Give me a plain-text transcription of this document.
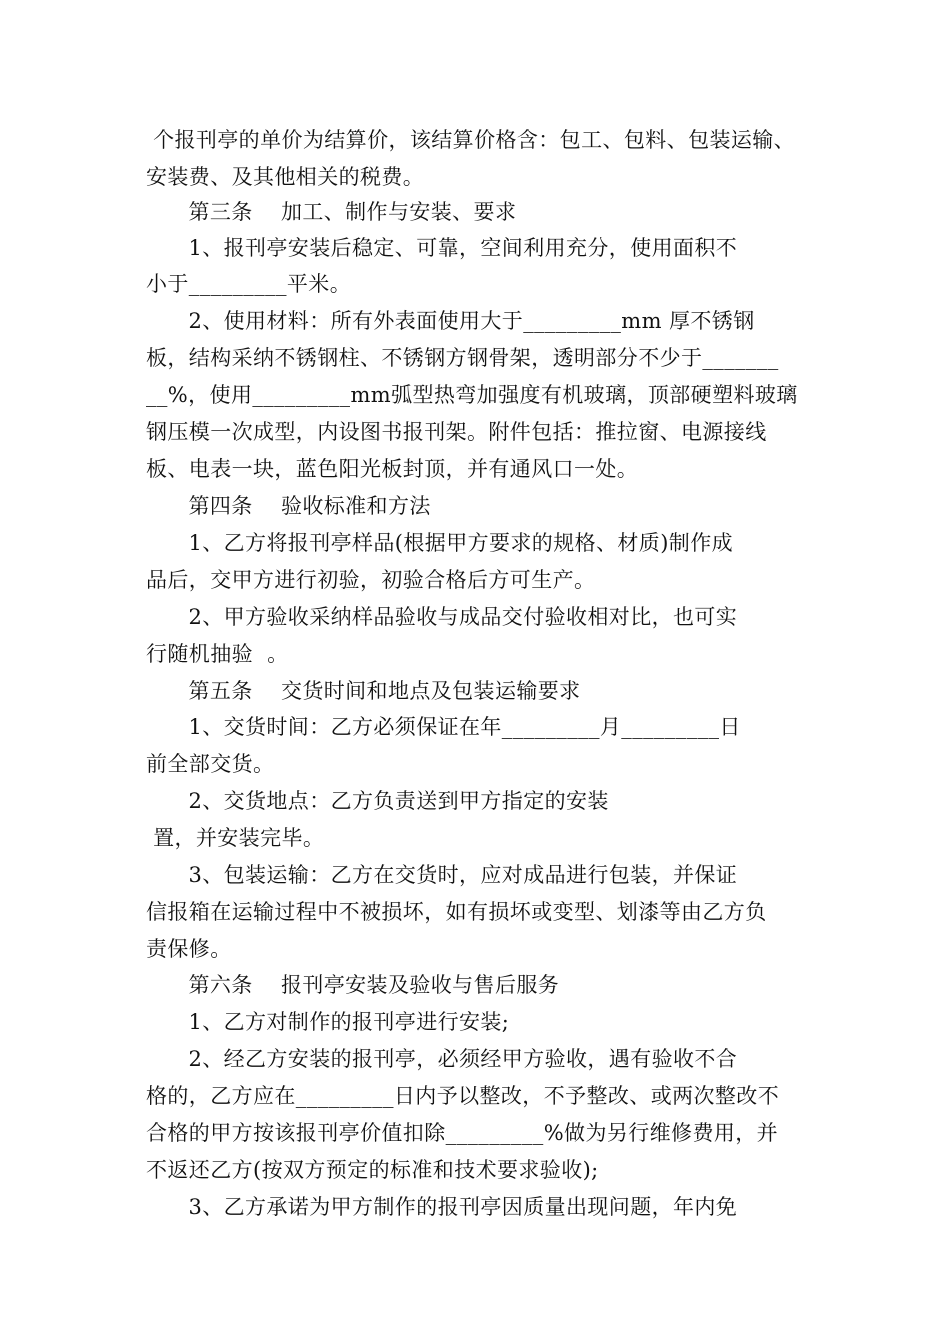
个报刊亭的单价为结算价，该结算价格含：包工、包料、包装运输、
安装费、及其他相关的税费。
第三条    加工、制作与安装、要求
1、报刊亭安装后稳定、可靠，空间利用充分，使用面积不
小于_________平米。
2、使用材料：所有外表面使用大于_________mm 厚不锈钢
板，结构采纳不锈钢柱、不锈钢方钢骨架，透明部分不少于_______
__%，使用_________mm弧型热弯加强度有机玻璃，顶部硬塑料玻璃
钢压模一次成型，内设图书报刊架。附件包括：推拉窗、电源接线
板、电表一块，蓝色阳光板封顶，并有通风口一处。
第四条    验收标准和方法
1、乙方将报刊亭样品(根据甲方要求的规格、材质)制作成
品后，交甲方进行初验，初验合格后方可生产。
2、甲方验收采纳样品验收与成品交付验收相对比，也可实
行随机抽验  。
第五条    交货时间和地点及包装运输要求
1、交货时间：乙方必须保证在年_________月_________日
前全部交货。
2、交货地点：乙方负责送到甲方指定的安装
置，并安装完毕。
3、包装运输：乙方在交货时，应对成品进行包装，并保证
信报箱在运输过程中不被损坏，如有损坏或变型、划漆等由乙方负
责保修。
第六条    报刊亭安装及验收与售后服务
1、乙方对制作的报刊亭进行安装;
2、经乙方安装的报刊亭，必须经甲方验收，遇有验收不合
格的，乙方应在_________日内予以整改，不予整改、或两次整改不
合格的甲方按该报刊亭价值扣除_________%做为另行维修费用，并
不返还乙方(按双方预定的标准和技术要求验收);
3、乙方承诺为甲方制作的报刊亭因质量出现问题，年内免
